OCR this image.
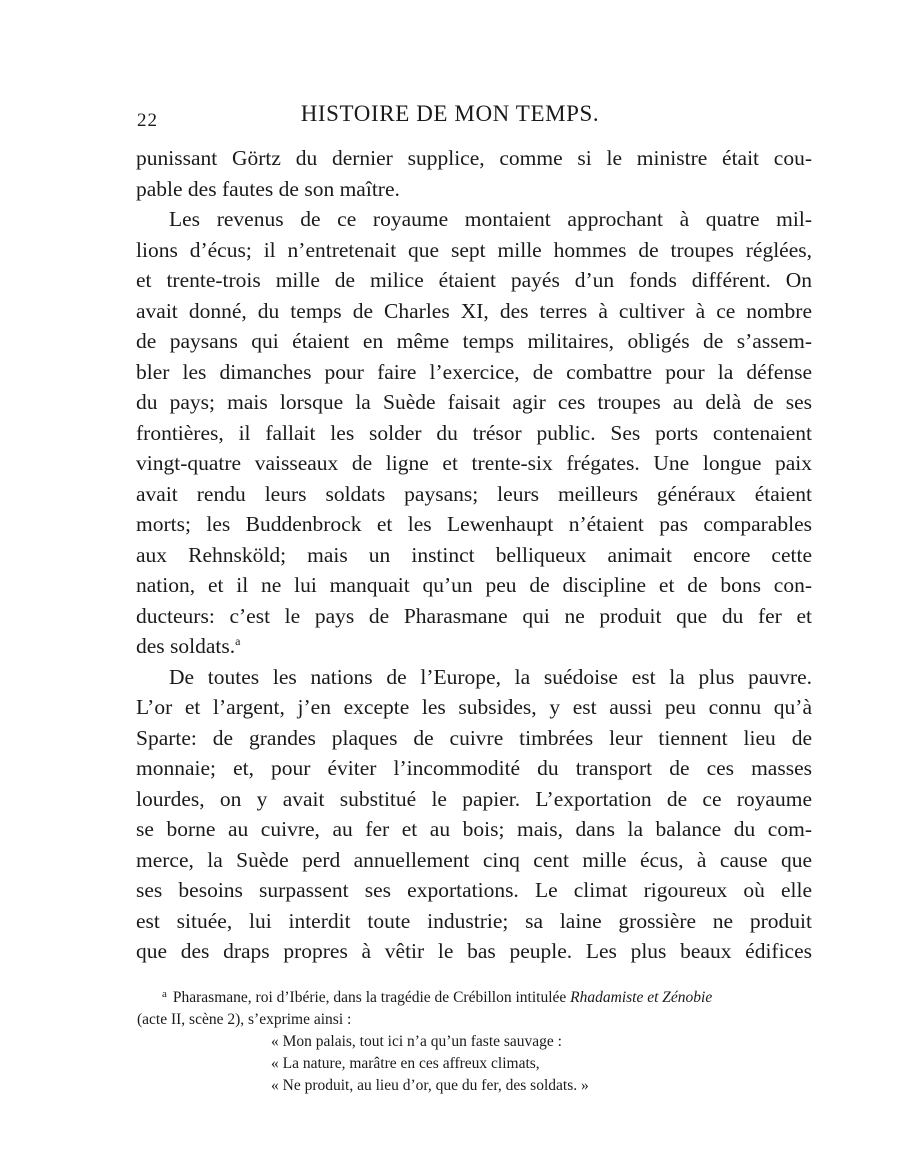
22	HISTOIRE DE MON TEMPS.
punissant Görtz du dernier supplice, comme si le ministre était cou-
pable des fautes de son maître.
Les revenus de ce royaume montaient approchant à quatre mil-
lions d’écus; il n’entretenait que sept mille hommes de troupes réglées,
et trente-trois mille de milice étaient payés d’un fonds différent. On
avait donné, du temps de Charles XI, des terres à cultiver à ce nombre
de paysans qui étaient en même temps militaires, obligés de s’assem-
bler les dimanches pour faire l’exercice, de combattre pour la défense
du pays; mais lorsque la Suède faisait agir ces troupes au delà de ses
frontières, il fallait les solder du trésor public. Ses ports contenaient
vingt-quatre vaisseaux de ligne et trente-six frégates. Une longue paix
avait rendu leurs soldats paysans; leurs meilleurs généraux étaient
morts; les Buddenbrock et les Lewenhaupt n’étaient pas comparables
aux Rehnsköld; mais un instinct belliqueux animait encore cette
nation, et il ne lui manquait qu’un peu de discipline et de bons con-
ducteurs: c’est le pays de Pharasmane qui ne produit que du fer et
des soldats.$^a$
De toutes les nations de l’Europe, la suédoise est la plus pauvre.
L’or et l’argent, j’en excepte les subsides, y est aussi peu connu qu’à
Sparte: de grandes plaques de cuivre timbrées leur tiennent lieu de
monnaie; et, pour éviter l’incommodité du transport de ces masses
lourdes, on y avait substitué le papier. L’exportation de ce royaume
se borne au cuivre, au fer et au bois; mais, dans la balance du com-
merce, la Suède perd annuellement cinq cent mille écus, à cause que
ses besoins surpassent ses exportations. Le climat rigoureux où elle
est située, lui interdit toute industrie; sa laine grossière ne produit
que des draps propres à vêtir le bas peuple. Les plus beaux édifices
$^a$ Pharasmane, roi d’Ibérie, dans la tragédie de Crébillon intitulée Rhadamiste et Zénobie
(acte II, scène 2), s’exprime ainsi :
« Mon palais, tout ici n’a qu’un faste sauvage :
« La nature, marâtre en ces affreux climats,
« Ne produit, au lieu d’or, que du fer, des soldats. »
